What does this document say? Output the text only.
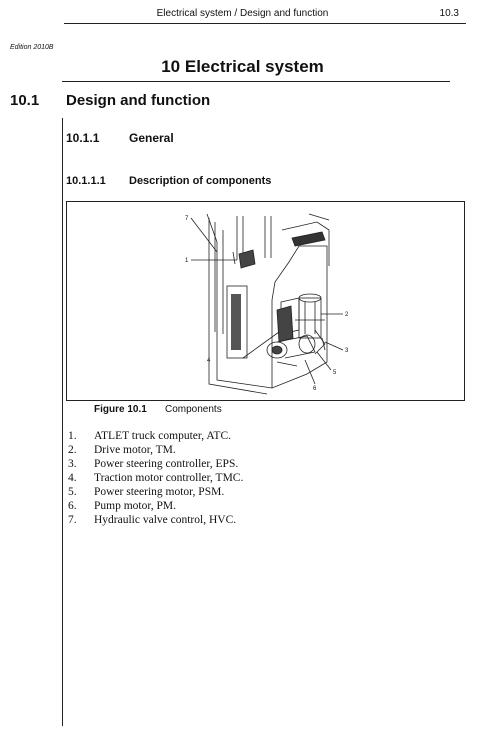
Electrical system / Design and function	10.3
Edition 2010B
10 Electrical system
10.1 Design and function
10.1.1 General
10.1.1.1 Description of components
7
1
2
3
4
5
6
Figure 10.1 Components
1.	ATLET truck computer, ATC.
2.	Drive motor, TM.
3.	Power steering controller, EPS.
4.	Traction motor controller, TMC.
5.	Power steering motor, PSM.
6.	Pump motor, PM.
7.	Hydraulic valve control, HVC.
